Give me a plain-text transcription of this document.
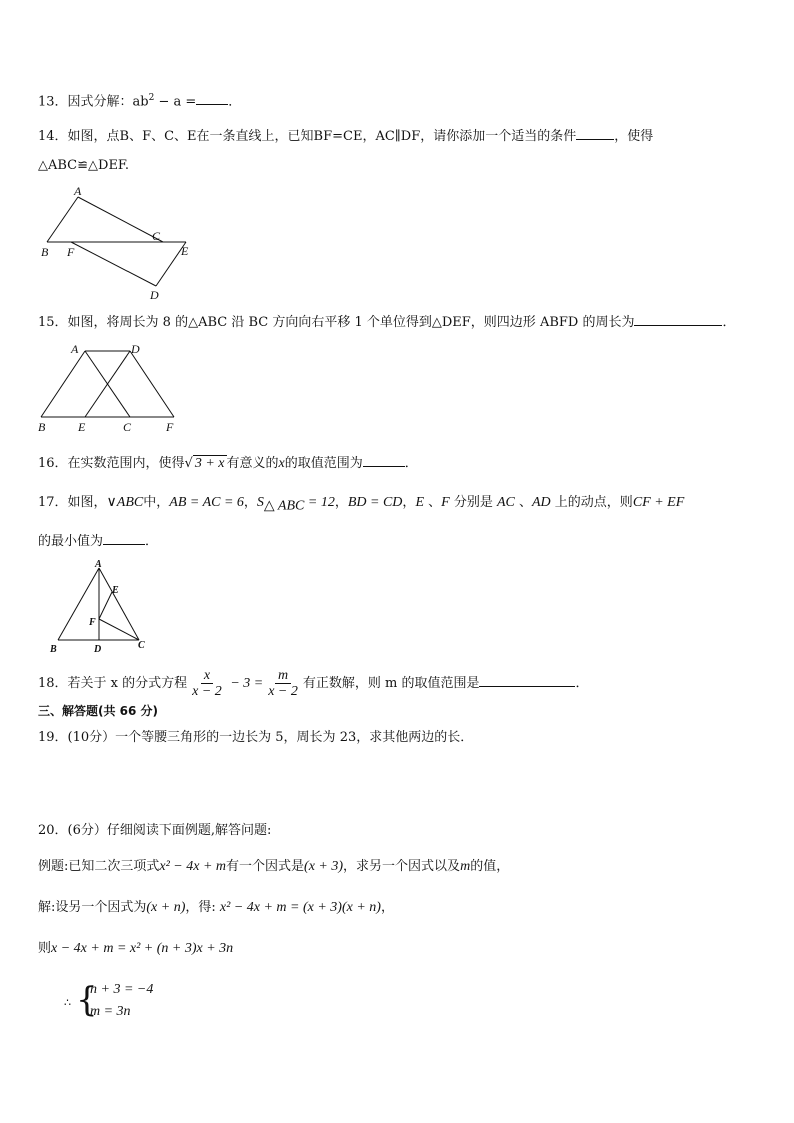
13．因式分解：$ab^2 - a$ = ．
14．如图，点B、F、C、E在一条直线上，已知BF=CE，AC∥DF，请你添加一个适当的条件	，使得
△ABC≌△DEF.
A
B F
C
E
D
15．如图，将周长为 8 的△ABC 沿 BC 方向向右平移 1 个单位得到△DEF，则四边形 ABFD 的周长为	．
A	D
B	E	C	F
16．在实数范围内，使得√ 3 + x 有意义的x的取值范围为	．
17．如图，∨ABC中，AB = AC = 6，$S_{\triangle ABC} = 12$，BD = CD，E 、F 分别是 AC 、AD 上的动点，则CF + EF
的最小值为	．
A
E
F
B	D	C
18．若关于 x 的分式方程 $\frac{x}{x - 2} - 3 = \frac{m}{x - 2}$ 有正数解，则 m 的取值范围是	．
三、解答题(共 66 分)
19．(10分）一个等腰三角形的一边长为 5，周长为 23，求其他两边的长．
20．(6分）仔细阅读下面例题,解答问题:
例题:已知二次三项式x² − 4x + m有一个因式是(x + 3)，求另一个因式以及m的值，
解:设另一个因式为(x + n)，得: x² − 4x + m = (x + 3)(x + n)，
则x − 4x + m = x² + (n + 3)x + 3n
∴ {
n + 3 = −4
m = 3n
